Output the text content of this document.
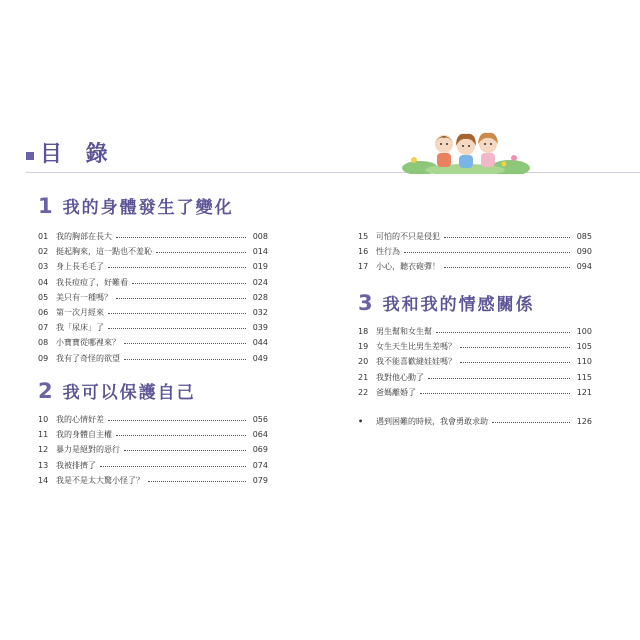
目 錄
1 我的身體發生了變化
01 我的胸部在長大	008
02 挺起胸來，這一點也不羞恥	014
03 身上長毛毛了	019
04 我長痘痘了，好難看	024
05 美只有一種嗎？	028
06 第一次月經來	032
07 我「尿床」了	039
08 小寶寶從哪裡來？	044
09 我有了奇怪的欲望	049
2 我可以保護自己
10 我的心情好差	056
11 我的身體自主權	064
12 暴力是絕對的惡行	069
13 我被排擠了	074
14 我是不是太大驚小怪了？	079
15 可怕的不只是侵犯	085
16 性行為	090
17 小心，聽衣砲彈！	094
3 我和我的情感關係
18 男生幫和女生幫	100
19 女生天生比男生差嗎？	105
20 我不能喜歡縫娃娃嗎？	110
21 我對他心動了	115
22 爸媽離婚了	121
•	遇到困難的時候，我會勇敢求助	126
